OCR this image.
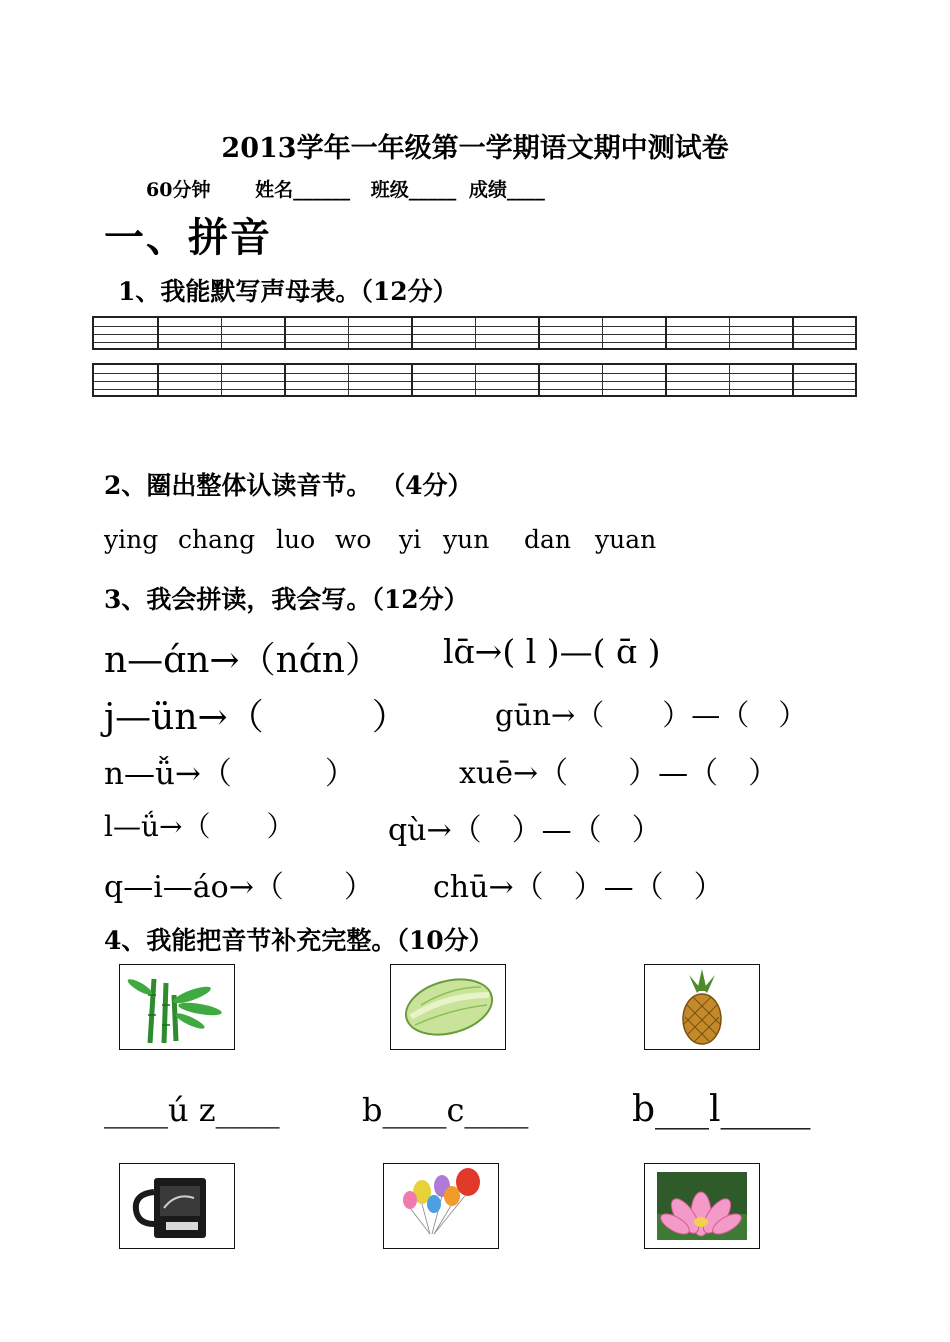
2013学年一年级第一学期语文期中测试卷
60分钟 姓名______ 班级_____ 成绩____
一、拼音
1、我能默写声母表。（12分）
2、圈出整体认读音节。 （4分）
ying chang luo wo yi yun dan yuan
3、我会拼读，我会写。（12分）
n—ɑ́n→（nɑ́n） lɑ̄→( l )—( ɑ̄ )
j—ün→（　　　）	gūn→（　　）—（　）
n—ǚ→（　　　）	xuē→（　　）—（　）
l—ǘ→（　　）	qù→（　）—（　）
q—i—áo→（　　） chū→（　）—（　）
4、我能把音节补充完整。（10分）
____ú z____	b____c____	b___l_____
